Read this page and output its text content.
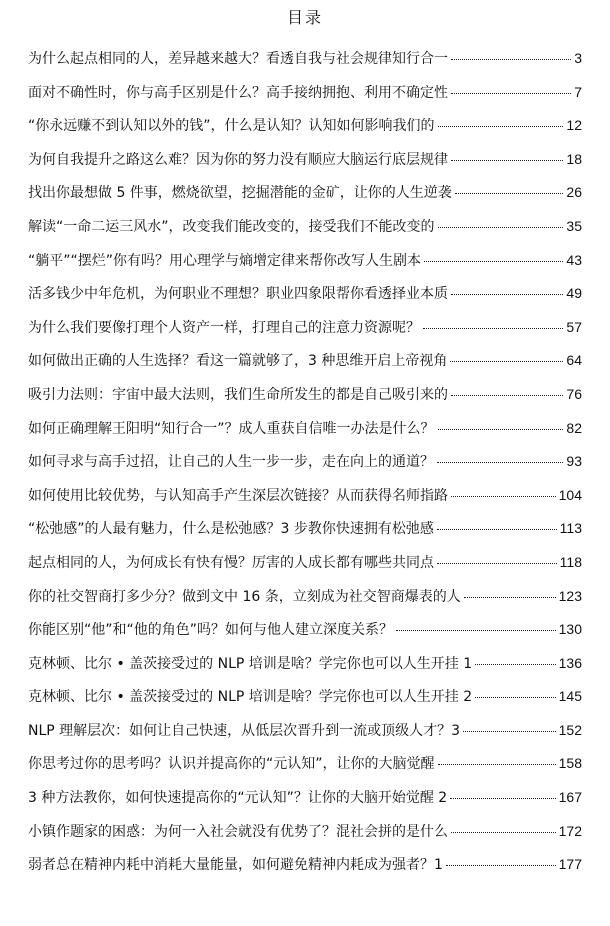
目录
为什么起点相同的人，差异越来越大？看透自我与社会规律知行合一	3
面对不确性时，你与高手区别是什么？高手接纳拥抱、利用不确定性	7
“你永远赚不到认知以外的钱”，什么是认知？认知如何影响我们的	12
为何自我提升之路这么难？因为你的努力没有顺应大脑运行底层规律	18
找出你最想做 5 件事，燃烧欲望，挖掘潜能的金矿，让你的人生逆袭	26
解读“一命二运三风水”，改变我们能改变的，接受我们不能改变的	35
“躺平”“摆烂”你有吗？用心理学与熵增定律来帮你改写人生剧本	43
活多钱少中年危机，为何职业不理想？职业四象限帮你看透择业本质	49
为什么我们要像打理个人资产一样，打理自己的注意力资源呢？	57
如何做出正确的人生选择？看这一篇就够了，3 种思维开启上帝视角	64
吸引力法则：宇宙中最大法则，我们生命所发生的都是自己吸引来的	76
如何正确理解王阳明“知行合一”？成人重获自信唯一办法是什么？	82
如何寻求与高手过招，让自己的人生一步一步，走在向上的通道？	93
如何使用比较优势，与认知高手产生深层次链接？从而获得名师指路	104
“松弛感”的人最有魅力，什么是松弛感？3 步教你快速拥有松弛感	113
起点相同的人，为何成长有快有慢？厉害的人成长都有哪些共同点	118
你的社交智商打多少分？做到文中 16 条，立刻成为社交智商爆表的人	123
你能区别“他”和“他的角色”吗？如何与他人建立深度关系？	130
克林顿、比尔 • 盖茨接受过的 NLP 培训是啥？学完你也可以人生开挂 1	136
克林顿、比尔 • 盖茨接受过的 NLP 培训是啥？学完你也可以人生开挂 2	145
NLP 理解层次：如何让自己快速，从低层次晋升到一流或顶级人才？3	152
你思考过你的思考吗？认识并提高你的“元认知”，让你的大脑觉醒	158
3 种方法教你，如何快速提高你的“元认知”？让你的大脑开始觉醒 2	167
小镇作题家的困惑：为何一入社会就没有优势了？混社会拼的是什么	172
弱者总在精神内耗中消耗大量能量，如何避免精神内耗成为强者？1	177
